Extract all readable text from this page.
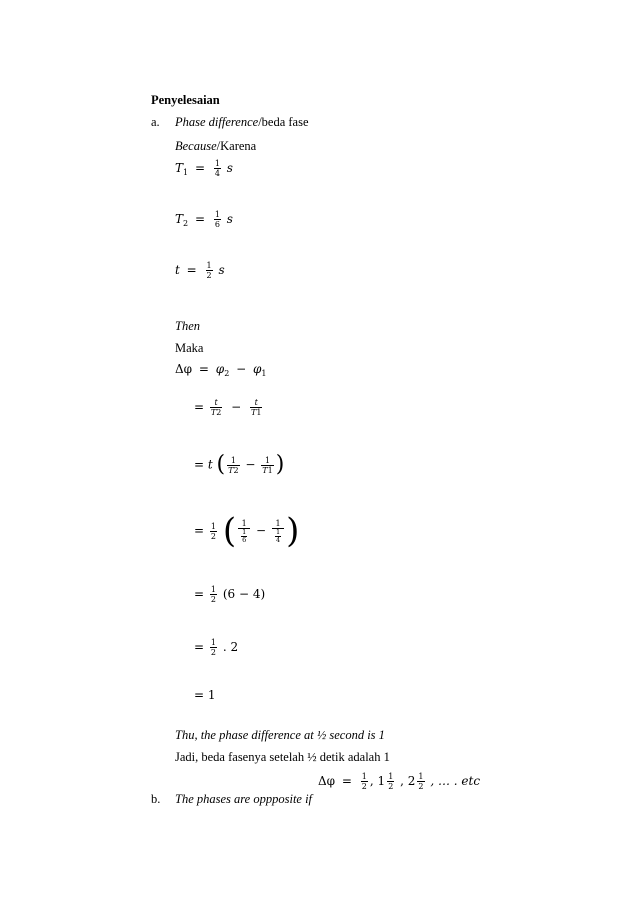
Penyelesaian
a. Phase difference/beda fase
Because/Karena
$T_1 = \frac{1}{4}$ s
$T_2 = \frac{1}{6}$ s
$t = \frac{1}{2}$ s
Then
Maka
$\Delta\varphi = \varphi_2 - \varphi_1$
= $\frac{t}{T2} - \frac{t}{T1}$
= t ( $\frac{1}{T2} - \frac{1}{T1}$ )
= $\frac{1}{2}$ ( $\frac{1}{\frac{1}{6}} - \frac{1}{\frac{1}{4}}$ )
= $\frac{1}{2} (6 - 4)$
= $\frac{1}{2}$ . 2
= 1
Thu, the phase difference at ½ second is 1
Jadi, beda fasenya setelah ½ detik adalah 1
b. The phases are oppposite if
$\Delta\varphi = \frac{1}{2}$ , $1 \frac{1}{2}$ , $2 \frac{1}{2}$ , … . etc
